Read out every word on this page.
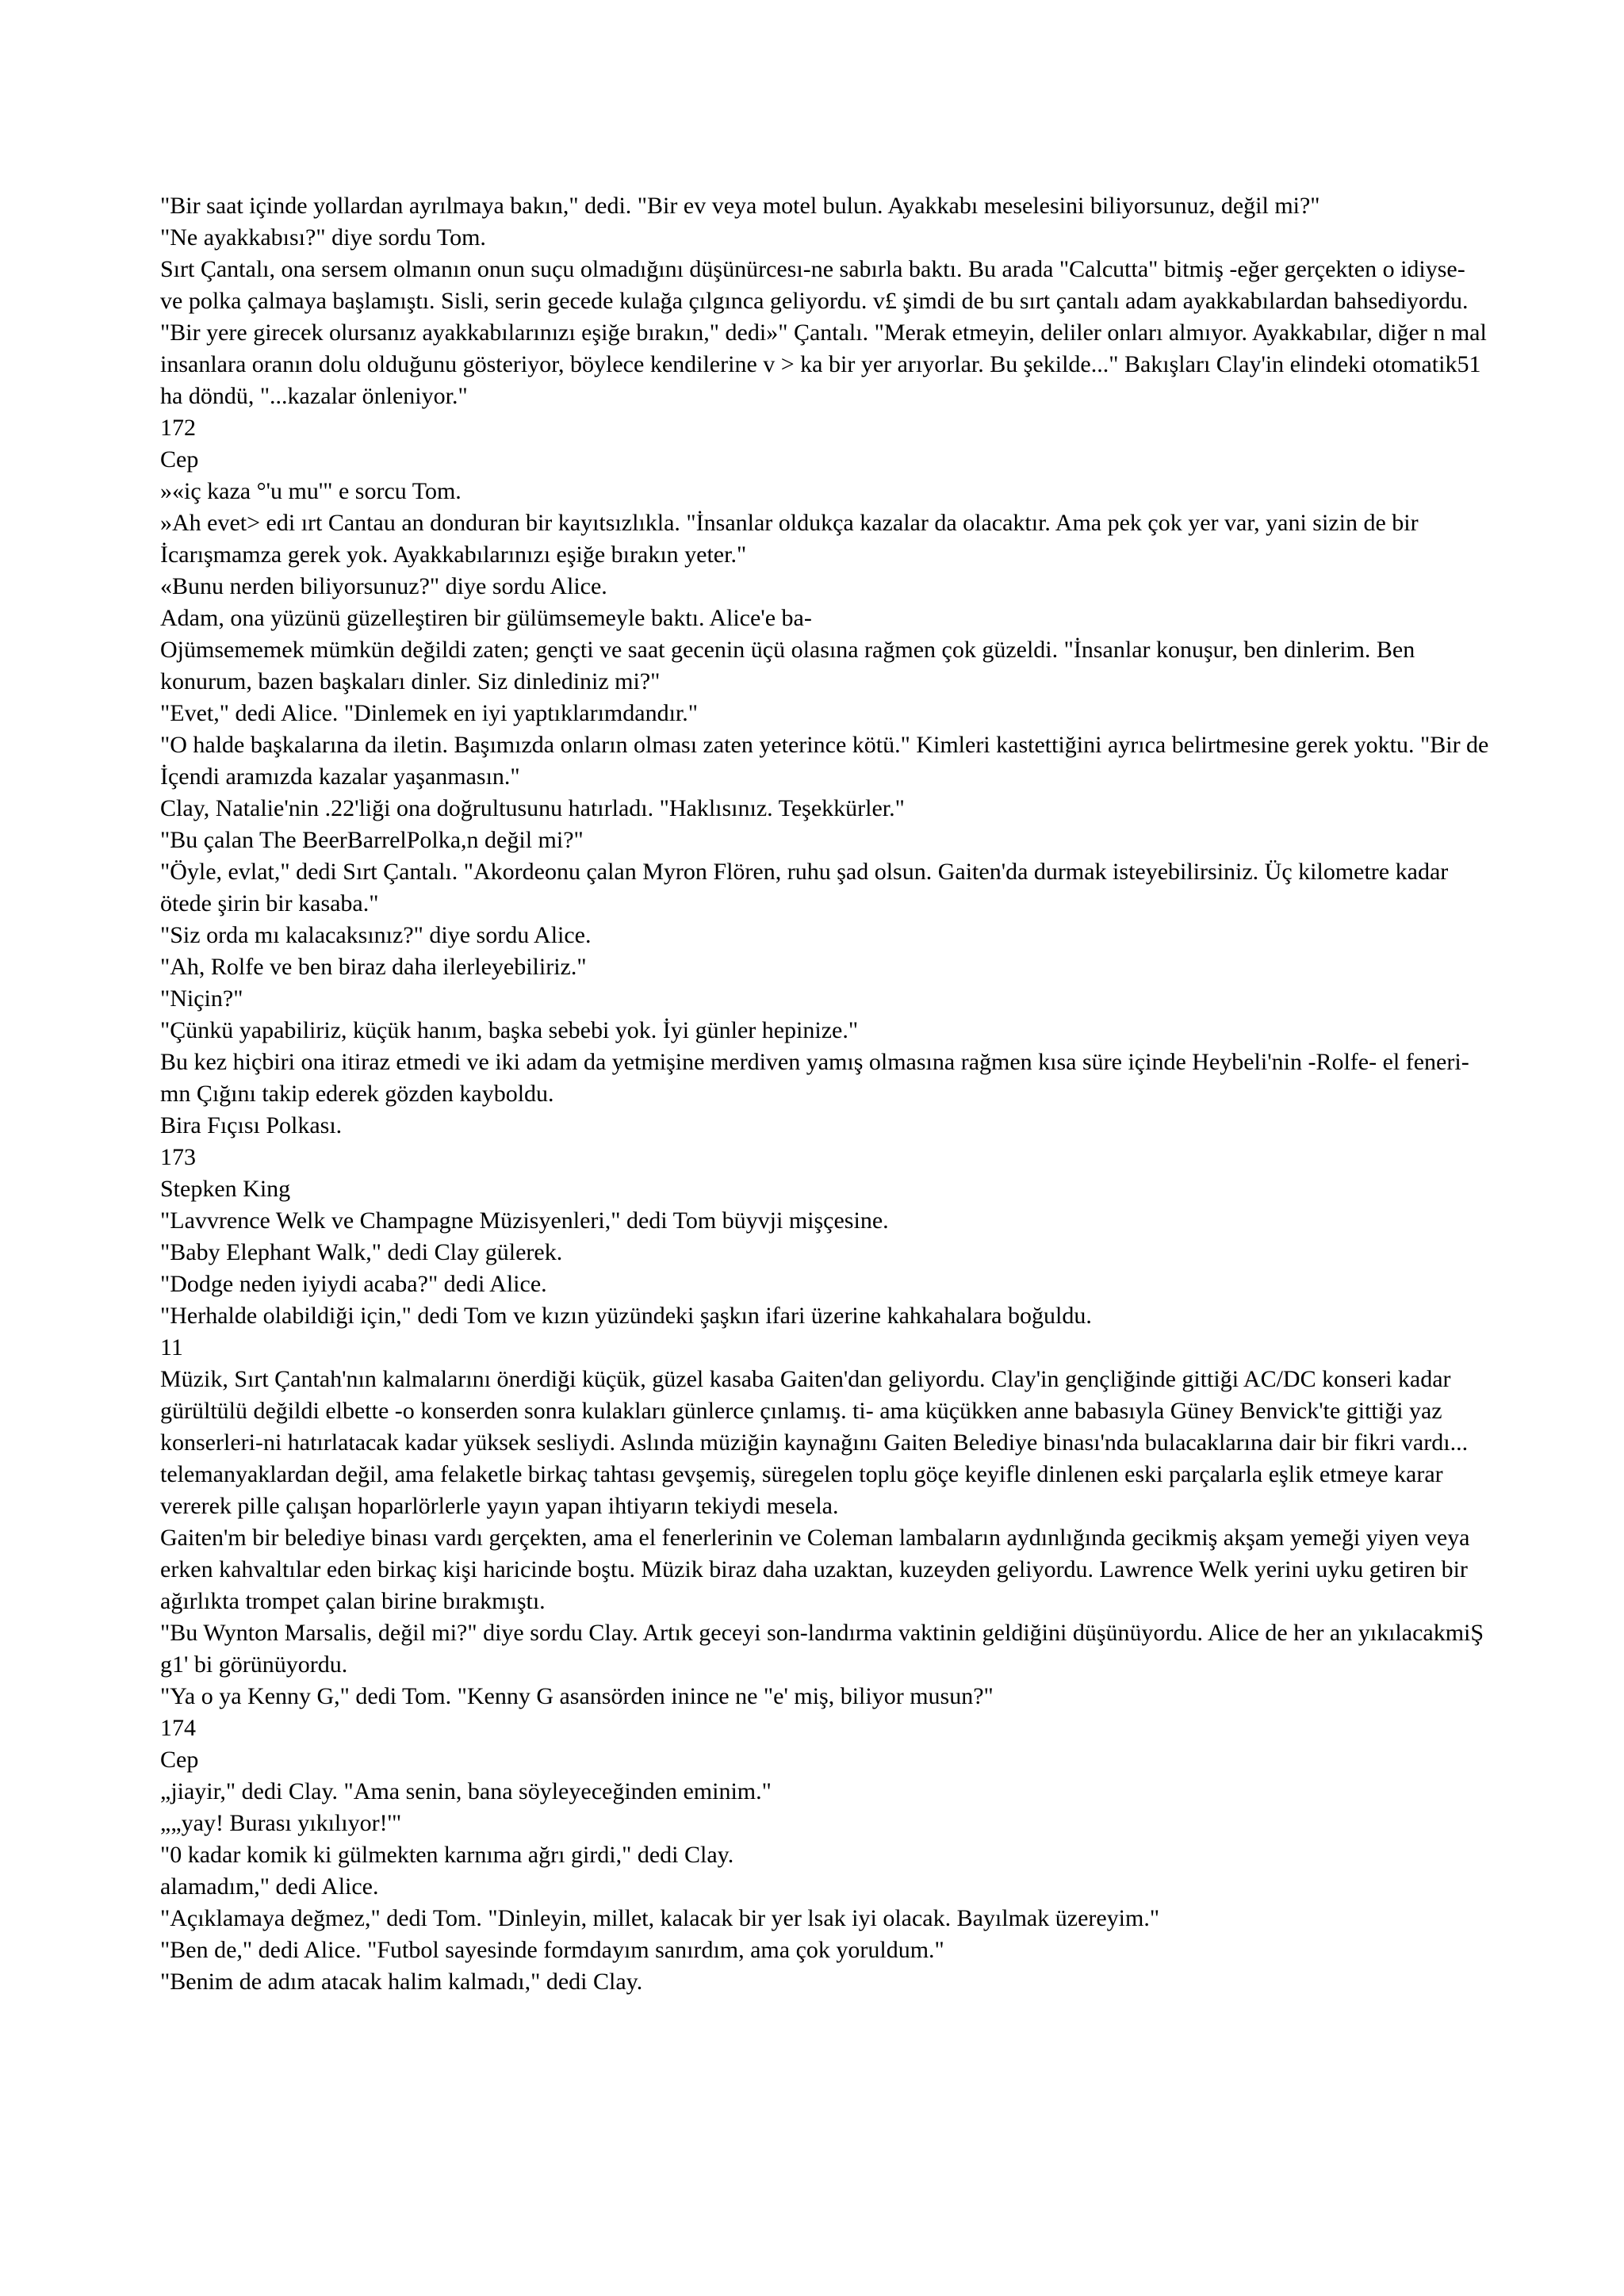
"Bir saat içinde yollardan ayrılmaya bakın," dedi. "Bir ev veya motel bulun. Ayakkabı meselesini biliyorsunuz, değil mi?"

"Ne ayakkabısı?" diye sordu Tom.

Sırt Çantalı, ona sersem olmanın onun suçu olmadığını düşünürcesı-ne sabırla baktı. Bu arada "Calcutta" bitmiş -eğer gerçekten o idiyse- ve polka çalmaya başlamıştı. Sisli, serin gecede kulağa çılgınca geliyordu. v£ şimdi de bu sırt çantalı adam ayakkabılardan bahsediyordu.

"Bir yere girecek olursanız ayakkabılarınızı eşiğe bırakın," dedi»" Çantalı. "Merak etmeyin, deliler onları almıyor. Ayakkabılar, diğer n mal insanlara oranın dolu olduğunu gösteriyor, böylece kendilerine v > ka bir yer arıyorlar. Bu şekilde..." Bakışları Clay'in elindeki otomatik51 ha döndü, "...kazalar önleniyor."

172

Cep

»«iç kaza °'u mu'" e sorcu Tom.

»Ah evet> edi ırt Cantau an donduran bir kayıtsızlıkla. "İnsanlar oldukça kazalar da olacaktır. Ama pek çok yer var, yani sizin de bir İcarışmamza gerek yok. Ayakkabılarınızı eşiğe bırakın yeter."

«Bunu nerden biliyorsunuz?" diye sordu Alice.

Adam, ona yüzünü güzelleştiren bir gülümsemeyle baktı. Alice'e ba-

Ojümsememek mümkün değildi zaten; gençti ve saat gecenin üçü olasına rağmen çok güzeldi. "İnsanlar konuşur, ben dinlerim. Ben konurum, bazen başkaları dinler. Siz dinlediniz mi?"

"Evet," dedi Alice. "Dinlemek en iyi yaptıklarımdandır."

"O halde başkalarına da iletin. Başımızda onların olması zaten yeterince kötü." Kimleri kastettiğini ayrıca belirtmesine gerek yoktu. "Bir de İçendi aramızda kazalar yaşanmasın."

Clay, Natalie'nin .22'liği ona doğrultusunu hatırladı. "Haklısınız. Teşekkürler."

"Bu çalan The BeerBarrelPolka,n değil mi?"

"Öyle, evlat," dedi Sırt Çantalı. "Akordeonu çalan Myron Flören, ruhu şad olsun. Gaiten'da durmak isteyebilirsiniz. Üç kilometre kadar ötede şirin bir kasaba."

"Siz orda mı kalacaksınız?" diye sordu Alice.

"Ah, Rolfe ve ben biraz daha ilerleyebiliriz."

"Niçin?"

"Çünkü yapabiliriz, küçük hanım, başka sebebi yok. İyi günler hepinize."

Bu kez hiçbiri ona itiraz etmedi ve iki adam da yetmişine merdiven yamış olmasına rağmen kısa süre içinde Heybeli'nin -Rolfe- el feneri-mn Çığını takip ederek gözden kayboldu.

Bira Fıçısı Polkası.

173

Stepken King

"Lavvrence Welk ve Champagne Müzisyenleri," dedi Tom büyvji mişçesine.

"Baby Elephant Walk," dedi Clay gülerek.

"Dodge neden iyiydi acaba?" dedi Alice.

"Herhalde olabildiği için," dedi Tom ve kızın yüzündeki şaşkın ifari üzerine kahkahalara boğuldu.

11

Müzik, Sırt Çantah'nın kalmalarını önerdiği küçük, güzel kasaba Gaiten'dan geliyordu. Clay'in gençliğinde gittiği AC/DC konseri kadar gürültülü değildi elbette -o konserden sonra kulakları günlerce çınlamış. ti- ama küçükken anne babasıyla Güney Benvick'te gittiği yaz konserleri-ni hatırlatacak kadar yüksek sesliydi. Aslında müziğin kaynağını Gaiten Belediye binası'nda bulacaklarına dair bir fikri vardı... telemanyaklardan değil, ama felaketle birkaç tahtası gevşemiş, süregelen toplu göçe keyifle dinlenen eski parçalarla eşlik etmeye karar vererek pille çalışan hoparlörlerle yayın yapan ihtiyarın tekiydi mesela.

Gaiten'm bir belediye binası vardı gerçekten, ama el fenerlerinin ve Coleman lambaların aydınlığında gecikmiş akşam yemeği yiyen veya erken kahvaltılar eden birkaç kişi haricinde boştu. Müzik biraz daha uzaktan, kuzeyden geliyordu. Lawrence Welk yerini uyku getiren bir ağırlıkta trompet çalan birine bırakmıştı.

"Bu Wynton Marsalis, değil mi?" diye sordu Clay. Artık geceyi son-landırma vaktinin geldiğini düşünüyordu. Alice de her an yıkılacakmiŞ g1' bi görünüyordu.

"Ya o ya Kenny G," dedi Tom. "Kenny G asansörden inince ne "e' miş, biliyor musun?"

174

Cep

„jiayir," dedi Clay. "Ama senin, bana söyleyeceğinden eminim."

„„yay! Burası yıkılıyor!'"

"0 kadar komik ki gülmekten karnıma ağrı girdi," dedi Clay.

alamadım," dedi Alice.

"Açıklamaya değmez," dedi Tom. "Dinleyin, millet, kalacak bir yer lsak iyi olacak. Bayılmak üzereyim."

"Ben de," dedi Alice. "Futbol sayesinde formdayım sanırdım, ama çok yoruldum."

"Benim de adım atacak halim kalmadı," dedi Clay.
